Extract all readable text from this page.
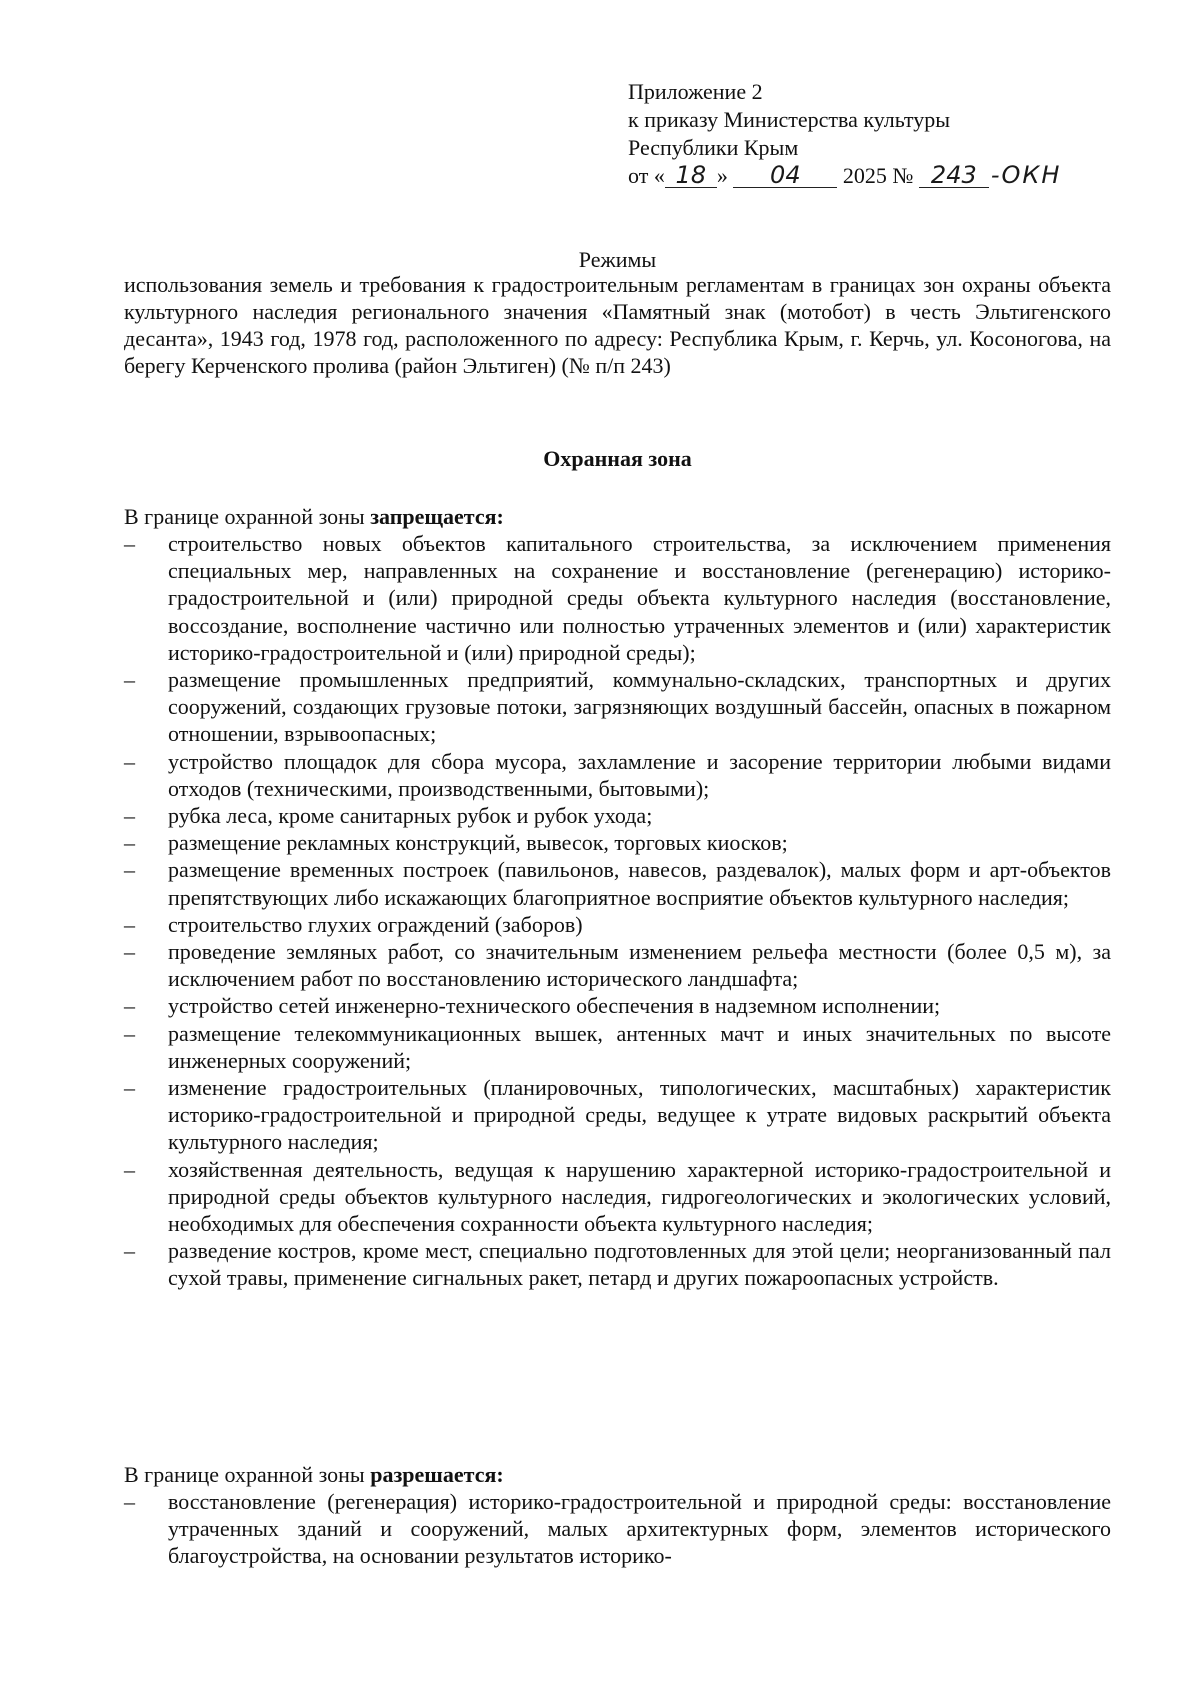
Приложение 2
к приказу Министерства культуры
Республики Крым
от « 18 » 04 2025 № 243 -ОКН
Режимы
использования земель и требования к градостроительным регламентам в границах зон охраны объекта культурного наследия регионального значения «Памятный знак (мотобот) в честь Эльтигенского десанта», 1943 год, 1978 год, расположенного по адресу: Республика Крым, г. Керчь, ул. Косоногова, на берегу Керченского пролива (район Эльтиген) (№ п/п 243)
Охранная зона
В границе охранной зоны запрещается:
– строительство новых объектов капитального строительства, за исключением применения специальных мер, направленных на сохранение и восстановление (регенерацию) историко-градостроительной и (или) природной среды объекта культурного наследия (восстановление, воссоздание, восполнение частично или полностью утраченных элементов и (или) характеристик историко-градостроительной и (или) природной среды);
– размещение промышленных предприятий, коммунально-складских, транспортных и других сооружений, создающих грузовые потоки, загрязняющих воздушный бассейн, опасных в пожарном отношении, взрывоопасных;
– устройство площадок для сбора мусора, захламление и засорение территории любыми видами отходов (техническими, производственными, бытовыми);
– рубка леса, кроме санитарных рубок и рубок ухода;
– размещение рекламных конструкций, вывесок, торговых киосков;
– размещение временных построек (павильонов, навесов, раздевалок), малых форм и арт-объектов препятствующих либо искажающих благоприятное восприятие объектов культурного наследия;
– строительство глухих ограждений (заборов)
– проведение земляных работ, со значительным изменением рельефа местности (более 0,5 м), за исключением работ по восстановлению исторического ландшафта;
– устройство сетей инженерно-технического обеспечения в надземном исполнении;
– размещение телекоммуникационных вышек, антенных мачт и иных значительных по высоте инженерных сооружений;
– изменение градостроительных (планировочных, типологических, масштабных) характеристик историко-градостроительной и природной среды, ведущее к утрате видовых раскрытий объекта культурного наследия;
– хозяйственная деятельность, ведущая к нарушению характерной историко-градостроительной и природной среды объектов культурного наследия, гидрогеологических и экологических условий, необходимых для обеспечения сохранности объекта культурного наследия;
– разведение костров, кроме мест, специально подготовленных для этой цели; неорганизованный пал сухой травы, применение сигнальных ракет, петард и других пожароопасных устройств.
В границе охранной зоны разрешается:
– восстановление (регенерация) историко-градостроительной и природной среды: восстановление утраченных зданий и сооружений, малых архитектурных форм, элементов исторического благоустройства, на основании результатов историко-
